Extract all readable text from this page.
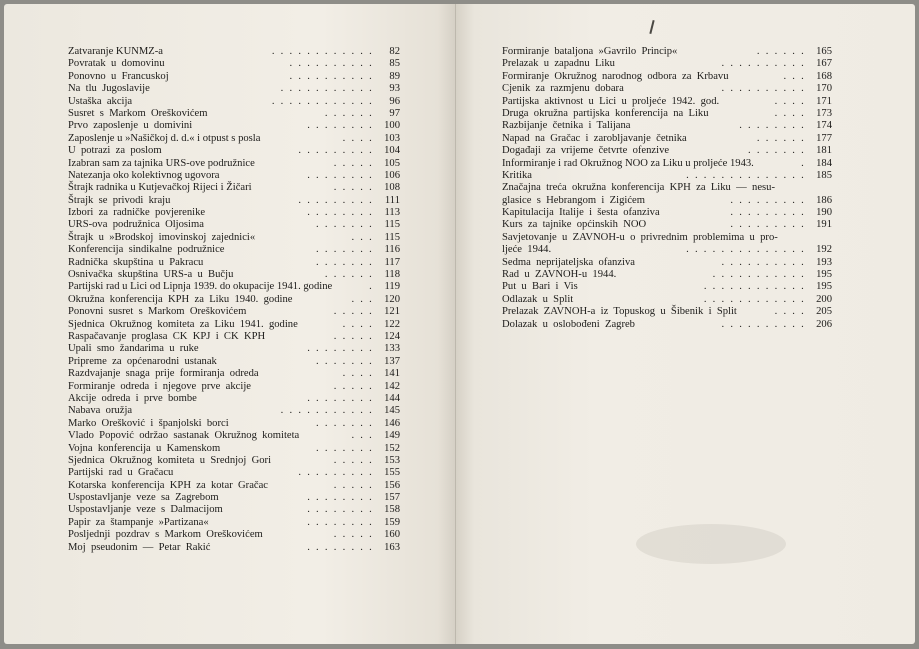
Zatvaranje KUNMZ-a	............	82
Povratak  u  domovinu	..........	85
Ponovno  u  Francuskoj	..........	89
Na  tlu  Jugoslavije	...........	93
Ustaška  akcija	............	96
Susret  s  Markom  Oreškovićem	......	97
Prvo  zaposlenje  u  domivini	........ 100
Zaposlenje u »Našičkoj d. d.« i otpust s posla	.... 103
U  potrazi  za  poslom	......... 104
Izabran sam za tajnika URS-ove podružnice	..... 105
Natezanja oko kolektivnog ugovora	........ 106
Štrajk radnika u Kutjevačkoj Rijeci i Žičari	..... 108
Štrajk  se  privodi  kraju	......... 111
Izbori  za  radničke  povjerenike	........ 113
URS-ova  podružnica  Oljosima	....... 115
Štrajk  u  »Brodskoj  imovinskoj  zajednici«	... 115
Konferencija  sindikalne  podružnice	....... 116
Radnička  skupština  u  Pakracu	....... 117
Osnivačka  skupština  URS-a  u  Bučju	...... 118
Partijski rad u Lici od Lipnja 1939. do okupacije 1941. godine	. 119
Okružna  konferencija  KPH  za  Liku  1940.  godine	... 120
Ponovni  susret  s  Markom  Oreškovićem	..... 121
Sjednica  Okružnog  komiteta  za  Liku  1941.  godine	.... 122
Raspačavanje  proglasa  CK  KPJ  i  CK  KPH	..... 124
Upali  smo  žandarima  u  ruke	........ 133
Pripreme  za  općenarodni  ustanak	....... 137
Razdvajanje  snaga  prije  formiranja  odreda	.... 141
Formiranje  odreda  i  njegove  prve  akcije	..... 142
Akcije  odreda  i  prve  bombe	........ 144
Nabava  oružja	........... 145
Marko  Orešković  i  španjolski  borci	....... 146
Vlado  Popović  održao  sastanak  Okružnog  komiteta	... 149
Vojna  konferencija  u  Kamenskom	....... 152
Sjednica  Okružnog  komiteta  u  Srednjoj  Gori	..... 153
Partijski  rad  u  Gračacu	......... 155
Kotarska  konferencija  KPH  za  kotar  Gračac	..... 156
Uspostavljanje  veze  sa  Zagrebom	........ 157
Uspostavljanje  veze  s  Dalmacijom	........ 158
Papir  za  štampanje  »Partizana«	........ 159
Posljednji  pozdrav  s  Markom  Oreškovićem	..... 160
Moj  pseudonim  —  Petar  Rakić	........ 163
Formiranje  bataljona  »Gavrilo  Princip«	...... 165
Prelazak  u  zapadnu  Liku	.......... 167
Formiranje  Okružnog  narodnog  odbora  za  Krbavu	... 168
Cjenik  za  razmjenu  dobara	.......... 170
Partijska  aktivnost  u  Lici  u  proljeće  1942.  god.	.... 171
Druga  okružna  partijska  konferencija  na  Liku	.... 173
Razbijanje  četnika  i  Talijana	........ 174
Napad  na  Gračac  i  zarobljavanje  četnika	...... 177
Događaji  za  vrijeme  četvrte  ofenzive	....... 181
Informiranje i rad Okružnog NOO za Liku u proljeće 1943.	. 184
Kritika	.............. 185
Značajna  treća  okružna  konferencija  KPH  za  Liku  —  nesu-
glasice  s  Hebrangom  i  Zigićem	......... 186
Kapitulacija  Italije  i  šesta  ofanziva	......... 190
Kurs  za  tajnike  općinskih  NOO	......... 191
Savjetovanje  u  ZAVNOH-u  o  privrednim  problemima  u  pro-
ljeće  1944.	.............. 192
Sedma  neprijateljska  ofanziva	.......... 193
Rad  u  ZAVNOH-u  1944.	........... 195
Put  u  Bari  i  Vis	............ 195
Odlazak  u  Split	............ 200
Prelazak  ZAVNOH-a  iz  Topuskog  u  Šibenik  i  Split	.... 205
Dolazak  u  oslobođeni  Zagreb	.......... 206
